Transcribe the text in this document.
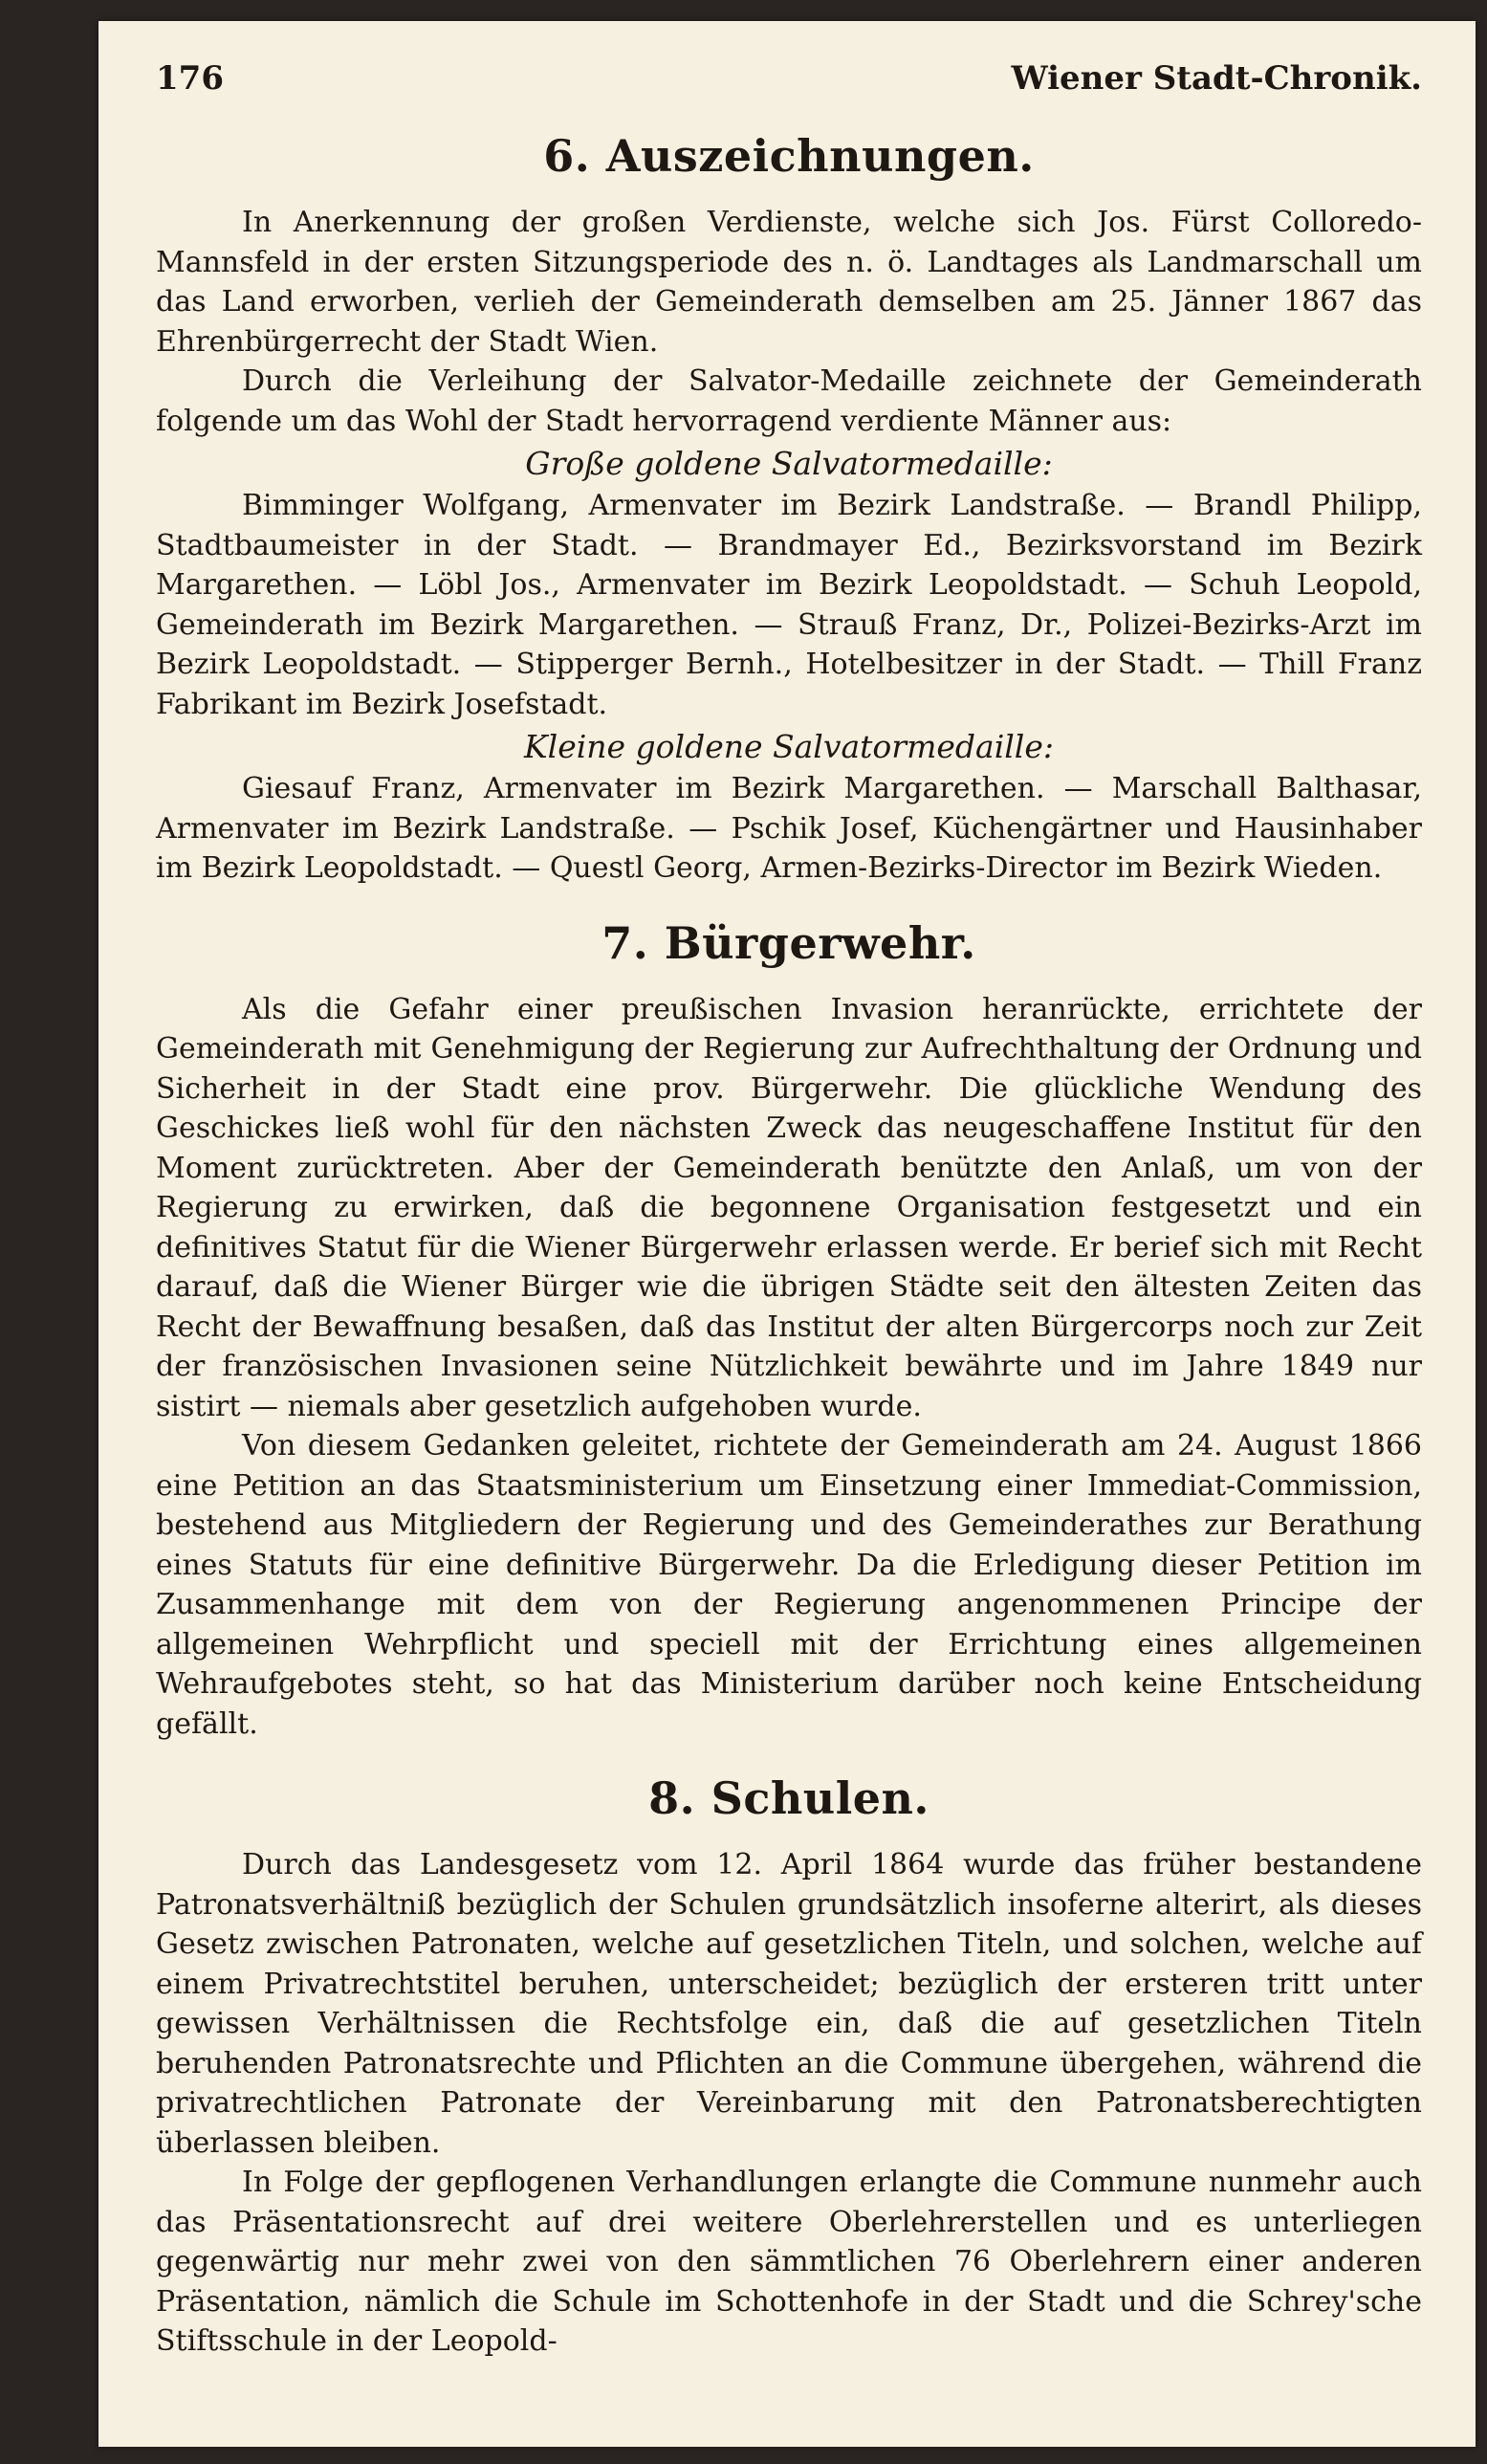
Wiener Stadt-Chronik.
176
6. Auszeichnungen.

In Anerkennung der großen Verdienste, welche sich Jos. Fürst Colloredo-Mannsfeld in der ersten Sitzungsperiode des n. ö. Landtages als Landmarschall um das Land erworben, verlieh der Gemeinderath demselben am 25. Jänner 1867 das Ehrenbürgerrecht der Stadt Wien.

Durch die Verleihung der Salvator-Medaille zeichnete der Gemeinderath folgende um das Wohl der Stadt hervorragend verdiente Männer aus:

Große goldene Salvatormedaille:

Bimminger Wolfgang, Armenvater im Bezirk Landstraße. — Brandl Philipp, Stadtbaumeister in der Stadt. — Brandmayer Ed., Bezirksvorstand im Bezirk Margarethen. — Löbl Jos., Armenvater im Bezirk Leopoldstadt. — Schuh Leopold, Gemeinderath im Bezirk Margarethen. — Strauß Franz, Dr., Polizei-Bezirks-Arzt im Bezirk Leopoldstadt. — Stipperger Bernh., Hotelbesitzer in der Stadt. — Thill Franz Fabrikant im Bezirk Josefstadt.

Kleine goldene Salvatormedaille:

Giesauf Franz, Armenvater im Bezirk Margarethen. — Marschall Balthasar, Armenvater im Bezirk Landstraße. — Pschik Josef, Küchengärtner und Hausinhaber im Bezirk Leopoldstadt. — Questl Georg, Armen-Bezirks-Director im Bezirk Wieden.

7. Bürgerwehr.

Als die Gefahr einer preußischen Invasion heranrückte, errichtete der Gemeinderath mit Genehmigung der Regierung zur Aufrechthaltung der Ordnung und Sicherheit in der Stadt eine prov. Bürgerwehr. Die glückliche Wendung des Geschickes ließ wohl für den nächsten Zweck das neugeschaffene Institut für den Moment zurücktreten. Aber der Gemeinderath benützte den Anlaß, um von der Regierung zu erwirken, daß die begonnene Organisation festgesetzt und ein definitives Statut für die Wiener Bürgerwehr erlassen werde. Er berief sich mit Recht darauf, daß die Wiener Bürger wie die übrigen Städte seit den ältesten Zeiten das Recht der Bewaffnung besaßen, daß das Institut der alten Bürgercorps noch zur Zeit der französischen Invasionen seine Nützlichkeit bewährte und im Jahre 1849 nur sistirt — niemals aber gesetzlich aufgehoben wurde.

Von diesem Gedanken geleitet, richtete der Gemeinderath am 24. August 1866 eine Petition an das Staatsministerium um Einsetzung einer Immediat-Commission, bestehend aus Mitgliedern der Regierung und des Gemeinderathes zur Berathung eines Statuts für eine definitive Bürgerwehr. Da die Erledigung dieser Petition im Zusammenhange mit dem von der Regierung angenommenen Principe der allgemeinen Wehrpflicht und speciell mit der Errichtung eines allgemeinen Wehraufgebotes steht, so hat das Ministerium darüber noch keine Entscheidung gefällt.

8. Schulen.

Durch das Landesgesetz vom 12. April 1864 wurde das früher bestandene Patronatsverhältniß bezüglich der Schulen grundsätzlich insoferne alterirt, als dieses Gesetz zwischen Patronaten, welche auf gesetzlichen Titeln, und solchen, welche auf einem Privatrechtstitel beruhen, unterscheidet; bezüglich der ersteren tritt unter gewissen Verhältnissen die Rechtsfolge ein, daß die auf gesetzlichen Titeln beruhenden Patronatsrechte und Pflichten an die Commune übergehen, während die privatrechtlichen Patronate der Vereinbarung mit den Patronatsberechtigten überlassen bleiben.

In Folge der gepflogenen Verhandlungen erlangte die Commune nunmehr auch das Präsentationsrecht auf drei weitere Oberlehrerstellen und es unterliegen gegenwärtig nur mehr zwei von den sämmtlichen 76 Oberlehrern einer anderen Präsentation, nämlich die Schule im Schottenhofe in der Stadt und die Schrey'sche Stiftsschule in der Leopold-
